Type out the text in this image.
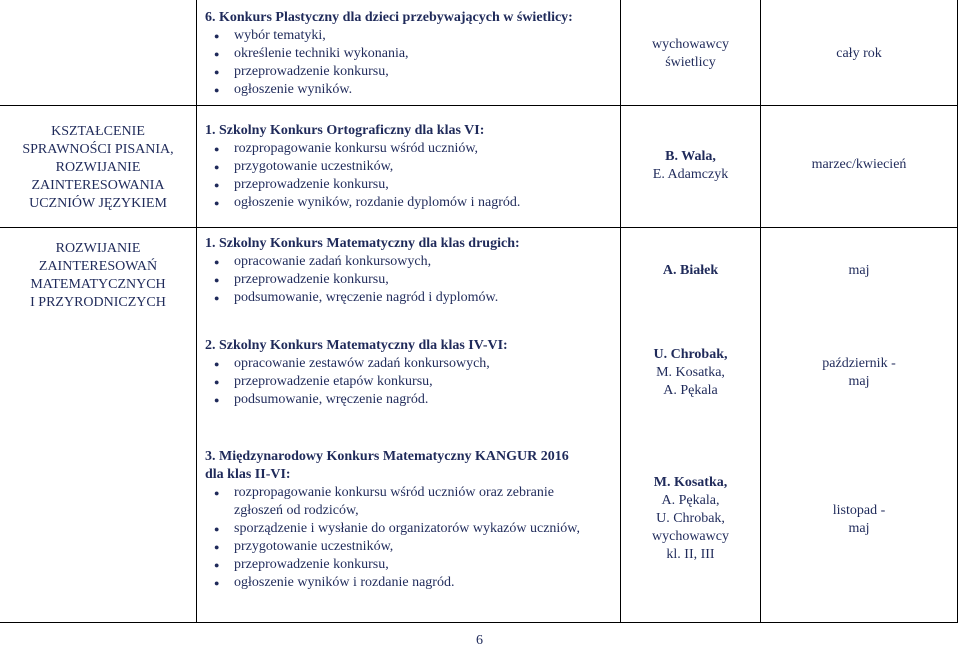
6. Konkurs Plastyczny dla dzieci przebywających w świetlicy:
● wybór tematyki,
● określenie techniki wykonania,
● przeprowadzenie konkursu,
● ogłoszenie wyników.
wychowawcy
świetlicy
cały rok
KSZTAŁCENIE
SPRAWNOŚCI PISANIA,
ROZWIJANIE
ZAINTERESOWANIA
UCZNIÓW JĘZYKIEM
1. Szkolny Konkurs Ortograficzny dla klas VI:
● rozpropagowanie konkursu wśród uczniów,
● przygotowanie uczestników,
● przeprowadzenie konkursu,
● ogłoszenie wyników, rozdanie dyplomów i nagród.
B. Wala,
E. Adamczyk
marzec/kwiecień
ROZWIJANIE
ZAINTERESOWAŃ
MATEMATYCZNYCH
I PRZYRODNICZYCH
1. Szkolny Konkurs Matematyczny dla klas drugich:
● opracowanie zadań konkursowych,
● przeprowadzenie konkursu,
● podsumowanie, wręczenie nagród i dyplomów.
A. Białek	maj
2. Szkolny Konkurs Matematyczny dla klas IV-VI:
● opracowanie zestawów zadań konkursowych,
● przeprowadzenie etapów konkursu,
● podsumowanie, wręczenie nagród.
U. Chrobak,
M. Kosatka,
A. Pękala
październik -
maj
3. Międzynarodowy Konkurs Matematyczny KANGUR 2016
dla klas II-VI:
● rozpropagowanie konkursu wśród uczniów oraz zebranie zgłoszeń od rodziców,
● sporządzenie i wysłanie do organizatorów wykazów uczniów,
● przygotowanie uczestników,
● przeprowadzenie konkursu,
● ogłoszenie wyników i rozdanie nagród.
M. Kosatka,
A. Pękala,
U. Chrobak,
wychowawcy
kl. II, III
listopad -
maj
6
